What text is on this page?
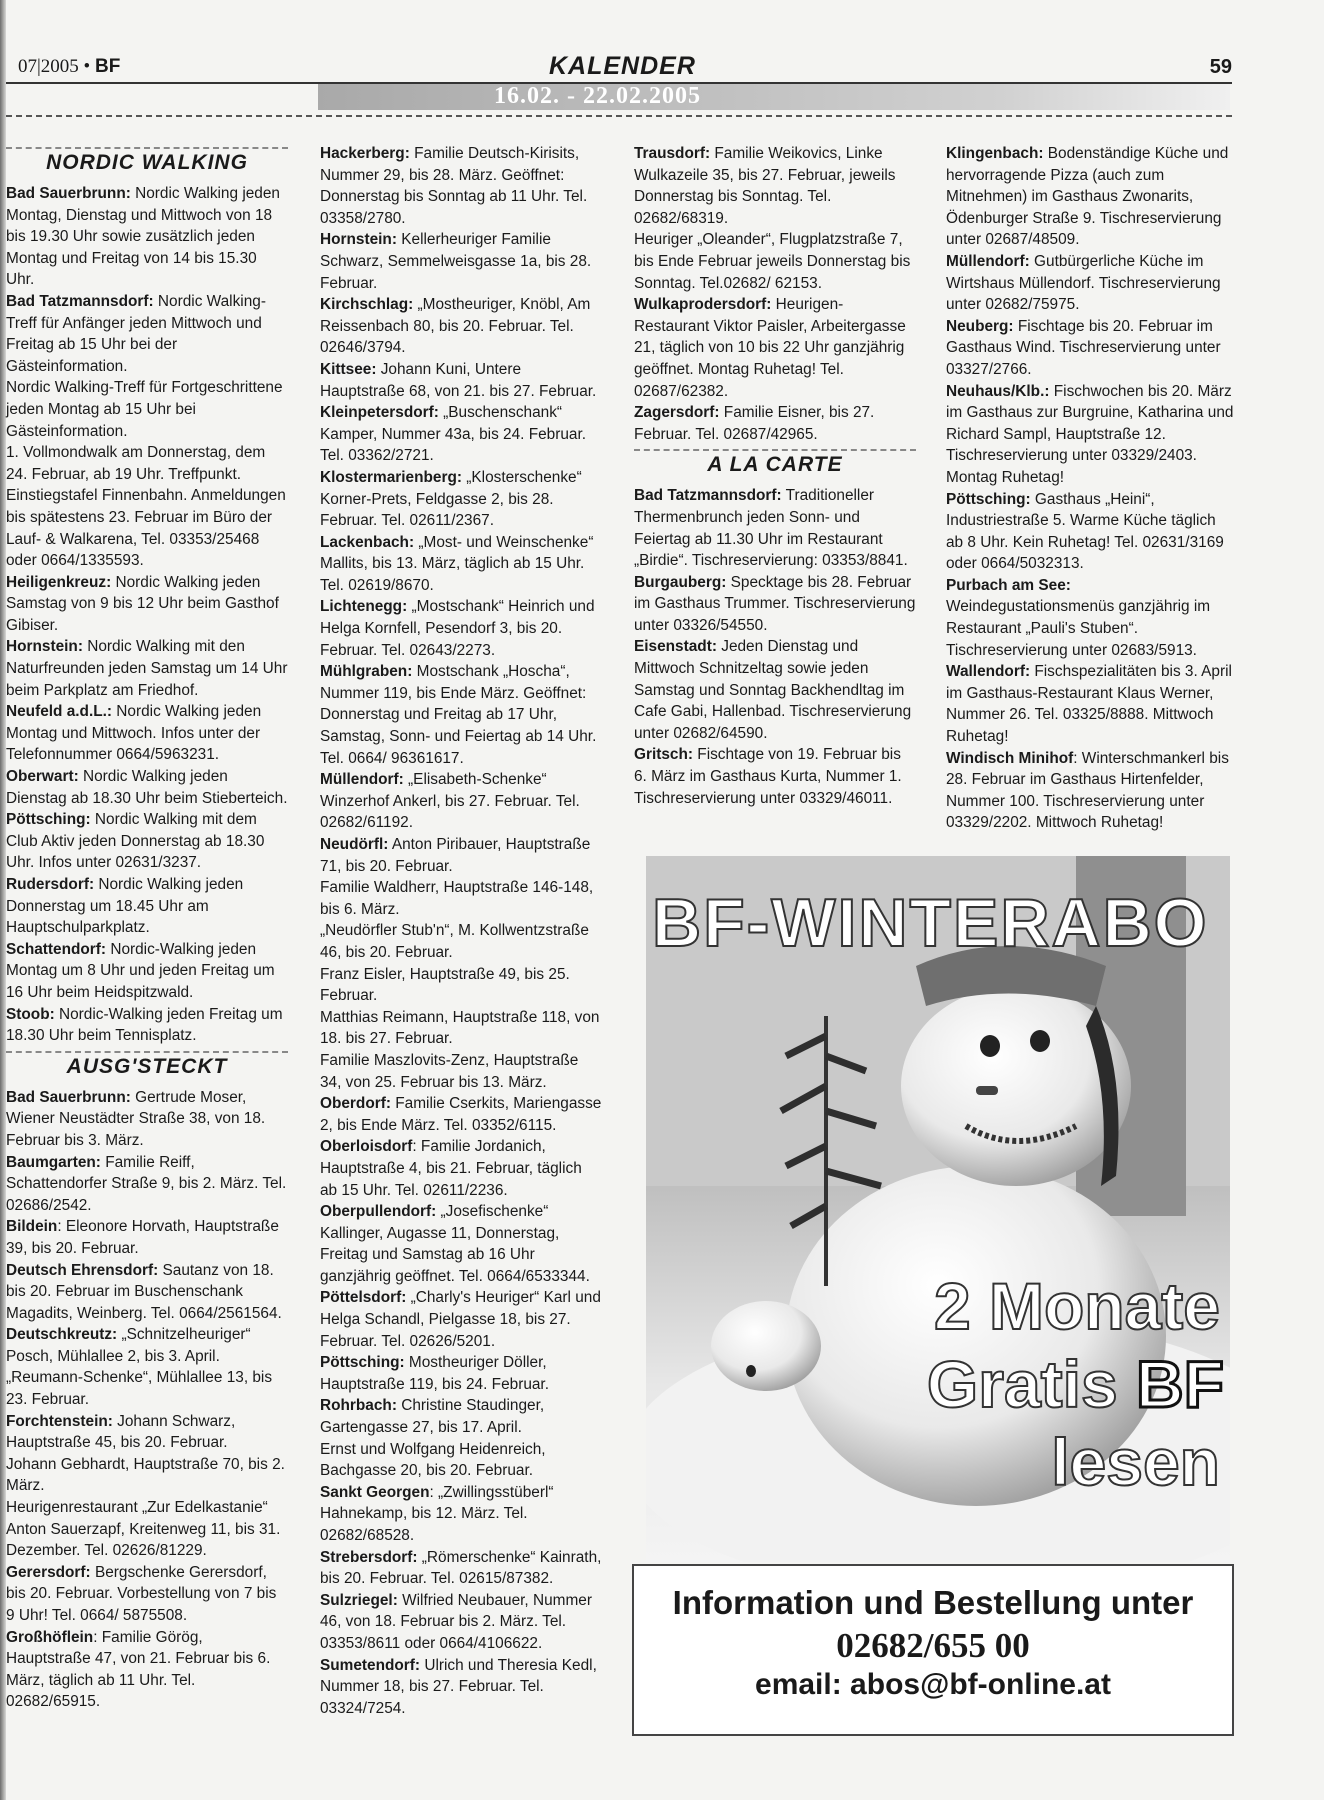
07|2005 • BF	KALENDER	59
16.02. - 22.02.2005
NORDIC WALKING

Bad Sauerbrunn: Nordic Walking jeden Montag, Dienstag und Mittwoch von 18 bis 19.30 Uhr sowie zusätzlich jeden Montag und Freitag von 14 bis 15.30 Uhr.

Bad Tatzmannsdorf: Nordic Walking-Treff für Anfänger jeden Mittwoch und Freitag ab 15 Uhr bei der Gästeinformation.

Nordic Walking-Treff für Fortgeschrittene jeden Montag ab 15 Uhr bei Gästeinformation.

1. Vollmondwalk am Donnerstag, dem 24. Februar, ab 19 Uhr. Treffpunkt. Einstiegstafel Finnenbahn. Anmeldungen bis spätestens 23. Februar im Büro der Lauf- & Walkarena, Tel. 03353/25468 oder 0664/1335593.

Heiligenkreuz: Nordic Walking jeden Samstag von 9 bis 12 Uhr beim Gasthof Gibiser.

Hornstein: Nordic Walking mit den Naturfreunden jeden Samstag um 14 Uhr beim Parkplatz am Friedhof.

Neufeld a.d.L.: Nordic Walking jeden Montag und Mittwoch. Infos unter der Telefonnummer 0664/5963231.

Oberwart: Nordic Walking jeden Dienstag ab 18.30 Uhr beim Stieberteich.

Pöttsching: Nordic Walking mit dem Club Aktiv jeden Donnerstag ab 18.30 Uhr. Infos unter 02631/3237.

Rudersdorf: Nordic Walking jeden Donnerstag um 18.45 Uhr am Hauptschulparkplatz.

Schattendorf: Nordic-Walking jeden Montag um 8 Uhr und jeden Freitag um 16 Uhr beim Heidspitzwald.

Stoob: Nordic-Walking jeden Freitag um 18.30 Uhr beim Tennisplatz.

AUSG'STECKT

Bad Sauerbrunn: Gertrude Moser, Wiener Neustädter Straße 38, von 18. Februar bis 3. März.

Baumgarten: Familie Reiff, Schattendorfer Straße 9, bis 2. März. Tel. 02686/2542.

Bildein: Eleonore Horvath, Hauptstraße 39, bis 20. Februar.

Deutsch Ehrensdorf: Sautanz von 18. bis 20. Februar im Buschenschank Magadits, Weinberg. Tel. 0664/2561564.

Deutschkreutz: „Schnitzelheuriger“ Posch, Mühlallee 2, bis 3. April.

„Reumann-Schenke“, Mühlallee 13, bis 23. Februar.

Forchtenstein: Johann Schwarz, Hauptstraße 45, bis 20. Februar.

Johann Gebhardt, Hauptstraße 70, bis 2. März.

Heurigenrestaurant „Zur Edelkastanie“ Anton Sauerzapf, Kreitenweg 11, bis 31. Dezember. Tel. 02626/81229.

Gerersdorf: Bergschenke Gerersdorf, bis 20. Februar. Vorbestellung von 7 bis 9 Uhr! Tel. 0664/ 5875508.

Großhöflein: Familie Görög, Hauptstraße 47, von 21. Februar bis 6. März, täglich ab 11 Uhr. Tel. 02682/65915.

Hackerberg: Familie Deutsch-Kirisits, Nummer 29, bis 28. März. Geöffnet: Donnerstag bis Sonntag ab 11 Uhr. Tel. 03358/2780.

Hornstein: Kellerheuriger Familie Schwarz, Semmelweisgasse 1a, bis 28. Februar.

Kirchschlag: „Mostheuriger, Knöbl, Am Reissenbach 80, bis 20. Februar. Tel. 02646/3794.

Kittsee: Johann Kuni, Untere Hauptstraße 68, von 21. bis 27. Februar.

Kleinpetersdorf: „Buschenschank“ Kamper, Nummer 43a, bis 24. Februar. Tel. 03362/2721.

Klostermarienberg: „Klosterschenke“ Korner-Prets, Feldgasse 2, bis 28. Februar. Tel. 02611/2367.

Lackenbach: „Most- und Weinschenke“ Mallits, bis 13. März, täglich ab 15 Uhr. Tel. 02619/8670.

Lichtenegg: „Mostschank“ Heinrich und Helga Kornfell, Pesendorf 3, bis 20. Februar. Tel. 02643/2273.

Mühlgraben: Mostschank „Hoscha“, Nummer 119, bis Ende März. Geöffnet: Donnerstag und Freitag ab 17 Uhr, Samstag, Sonn- und Feiertag ab 14 Uhr. Tel. 0664/ 96361617.

Müllendorf: „Elisabeth-Schenke“ Winzerhof Ankerl, bis 27. Februar. Tel. 02682/61192.

Neudörfl: Anton Piribauer, Hauptstraße 71, bis 20. Februar.

Familie Waldherr, Hauptstraße 146-148, bis 6. März.

„Neudörfler Stub'n“, M. Kollwentzstraße 46, bis 20. Februar.

Franz Eisler, Hauptstraße 49, bis 25. Februar.

Matthias Reimann, Hauptstraße 118, von 18. bis 27. Februar.

Familie Maszlovits-Zenz, Hauptstraße 34, von 25. Februar bis 13. März.

Oberdorf: Familie Cserkits, Mariengasse 2, bis Ende März. Tel. 03352/6115.

Oberloisdorf: Familie Jordanich, Hauptstraße 4, bis 21. Februar, täglich ab 15 Uhr. Tel. 02611/2236.

Oberpullendorf: „Josefischenke“ Kallinger, Augasse 11, Donnerstag, Freitag und Samstag ab 16 Uhr ganzjährig geöffnet. Tel. 0664/6533344.

Pöttelsdorf: „Charly's Heuriger“ Karl und Helga Schandl, Pielgasse 18, bis 27. Februar. Tel. 02626/5201.

Pöttsching: Mostheuriger Döller, Hauptstraße 119, bis 24. Februar.

Rohrbach: Christine Staudinger, Gartengasse 27, bis 17. April.

Ernst und Wolfgang Heidenreich, Bachgasse 20, bis 20. Februar.

Sankt Georgen: „Zwillingsstüberl“ Hahnekamp, bis 12. März. Tel. 02682/68528.

Strebersdorf: „Römerschenke“ Kainrath, bis 20. Februar. Tel. 02615/87382.

Sulzriegel: Wilfried Neubauer, Nummer 46, von 18. Februar bis 2. März. Tel. 03353/8611 oder 0664/4106622.

Sumetendorf: Ulrich und Theresia Kedl, Nummer 18, bis 27. Februar. Tel. 03324/7254.

Trausdorf: Familie Weikovics, Linke Wulkazeile 35, bis 27. Februar, jeweils Donnerstag bis Sonntag. Tel. 02682/68319.

Heuriger „Oleander“, Flugplatzstraße 7, bis Ende Februar jeweils Donnerstag bis Sonntag. Tel.02682/ 62153.

Wulkaprodersdorf: Heurigen-Restaurant Viktor Paisler, Arbeitergasse 21, täglich von 10 bis 22 Uhr ganzjährig geöffnet. Montag Ruhetag! Tel. 02687/62382.

Zagersdorf: Familie Eisner, bis 27. Februar. Tel. 02687/42965.

A LA CARTE

Bad Tatzmannsdorf: Traditioneller Thermenbrunch jeden Sonn- und Feiertag ab 11.30 Uhr im Restaurant „Birdie“. Tischreservierung: 03353/8841.

Burgauberg: Specktage bis 28. Februar im Gasthaus Trummer. Tischreservierung unter 03326/54550.

Eisenstadt: Jeden Dienstag und Mittwoch Schnitzeltag sowie jeden Samstag und Sonntag Backhendltag im Cafe Gabi, Hallenbad. Tischreservierung unter 02682/64590.

Gritsch: Fischtage von 19. Februar bis 6. März im Gasthaus Kurta, Nummer 1. Tischreservierung unter 03329/46011.

Klingenbach: Bodenständige Küche und hervorragende Pizza (auch zum Mitnehmen) im Gasthaus Zwonarits, Ödenburger Straße 9. Tischreservierung unter 02687/48509.

Müllendorf: Gutbürgerliche Küche im Wirtshaus Müllendorf. Tischreservierung unter 02682/75975.

Neuberg: Fischtage bis 20. Februar im Gasthaus Wind. Tischreservierung unter 03327/2766.

Neuhaus/Klb.: Fischwochen bis 20. März im Gasthaus zur Burgruine, Katharina und Richard Sampl, Hauptstraße 12. Tischreservierung unter 03329/2403. Montag Ruhetag!

Pöttsching: Gasthaus „Heini“, Industriestraße 5. Warme Küche täglich ab 8 Uhr. Kein Ruhetag! Tel. 02631/3169 oder 0664/5032313.

Purbach am See: Weindegustationsmenüs ganzjährig im Restaurant „Pauli's Stuben“. Tischreservierung unter 02683/5913.

Wallendorf: Fischspezialitäten bis 3. April im Gasthaus-Restaurant Klaus Werner, Nummer 26. Tel. 03325/8888. Mittwoch Ruhetag!

Windisch Minihof: Winterschmankerl bis 28. Februar im Gasthaus Hirtenfelder, Nummer 100. Tischreservierung unter 03329/2202. Mittwoch Ruhetag!

BF-WINTERABO
2 Monate
Gratis BF
lesen
Information und Bestellung unter
02682/655 00
email: abos@bf-online.at
